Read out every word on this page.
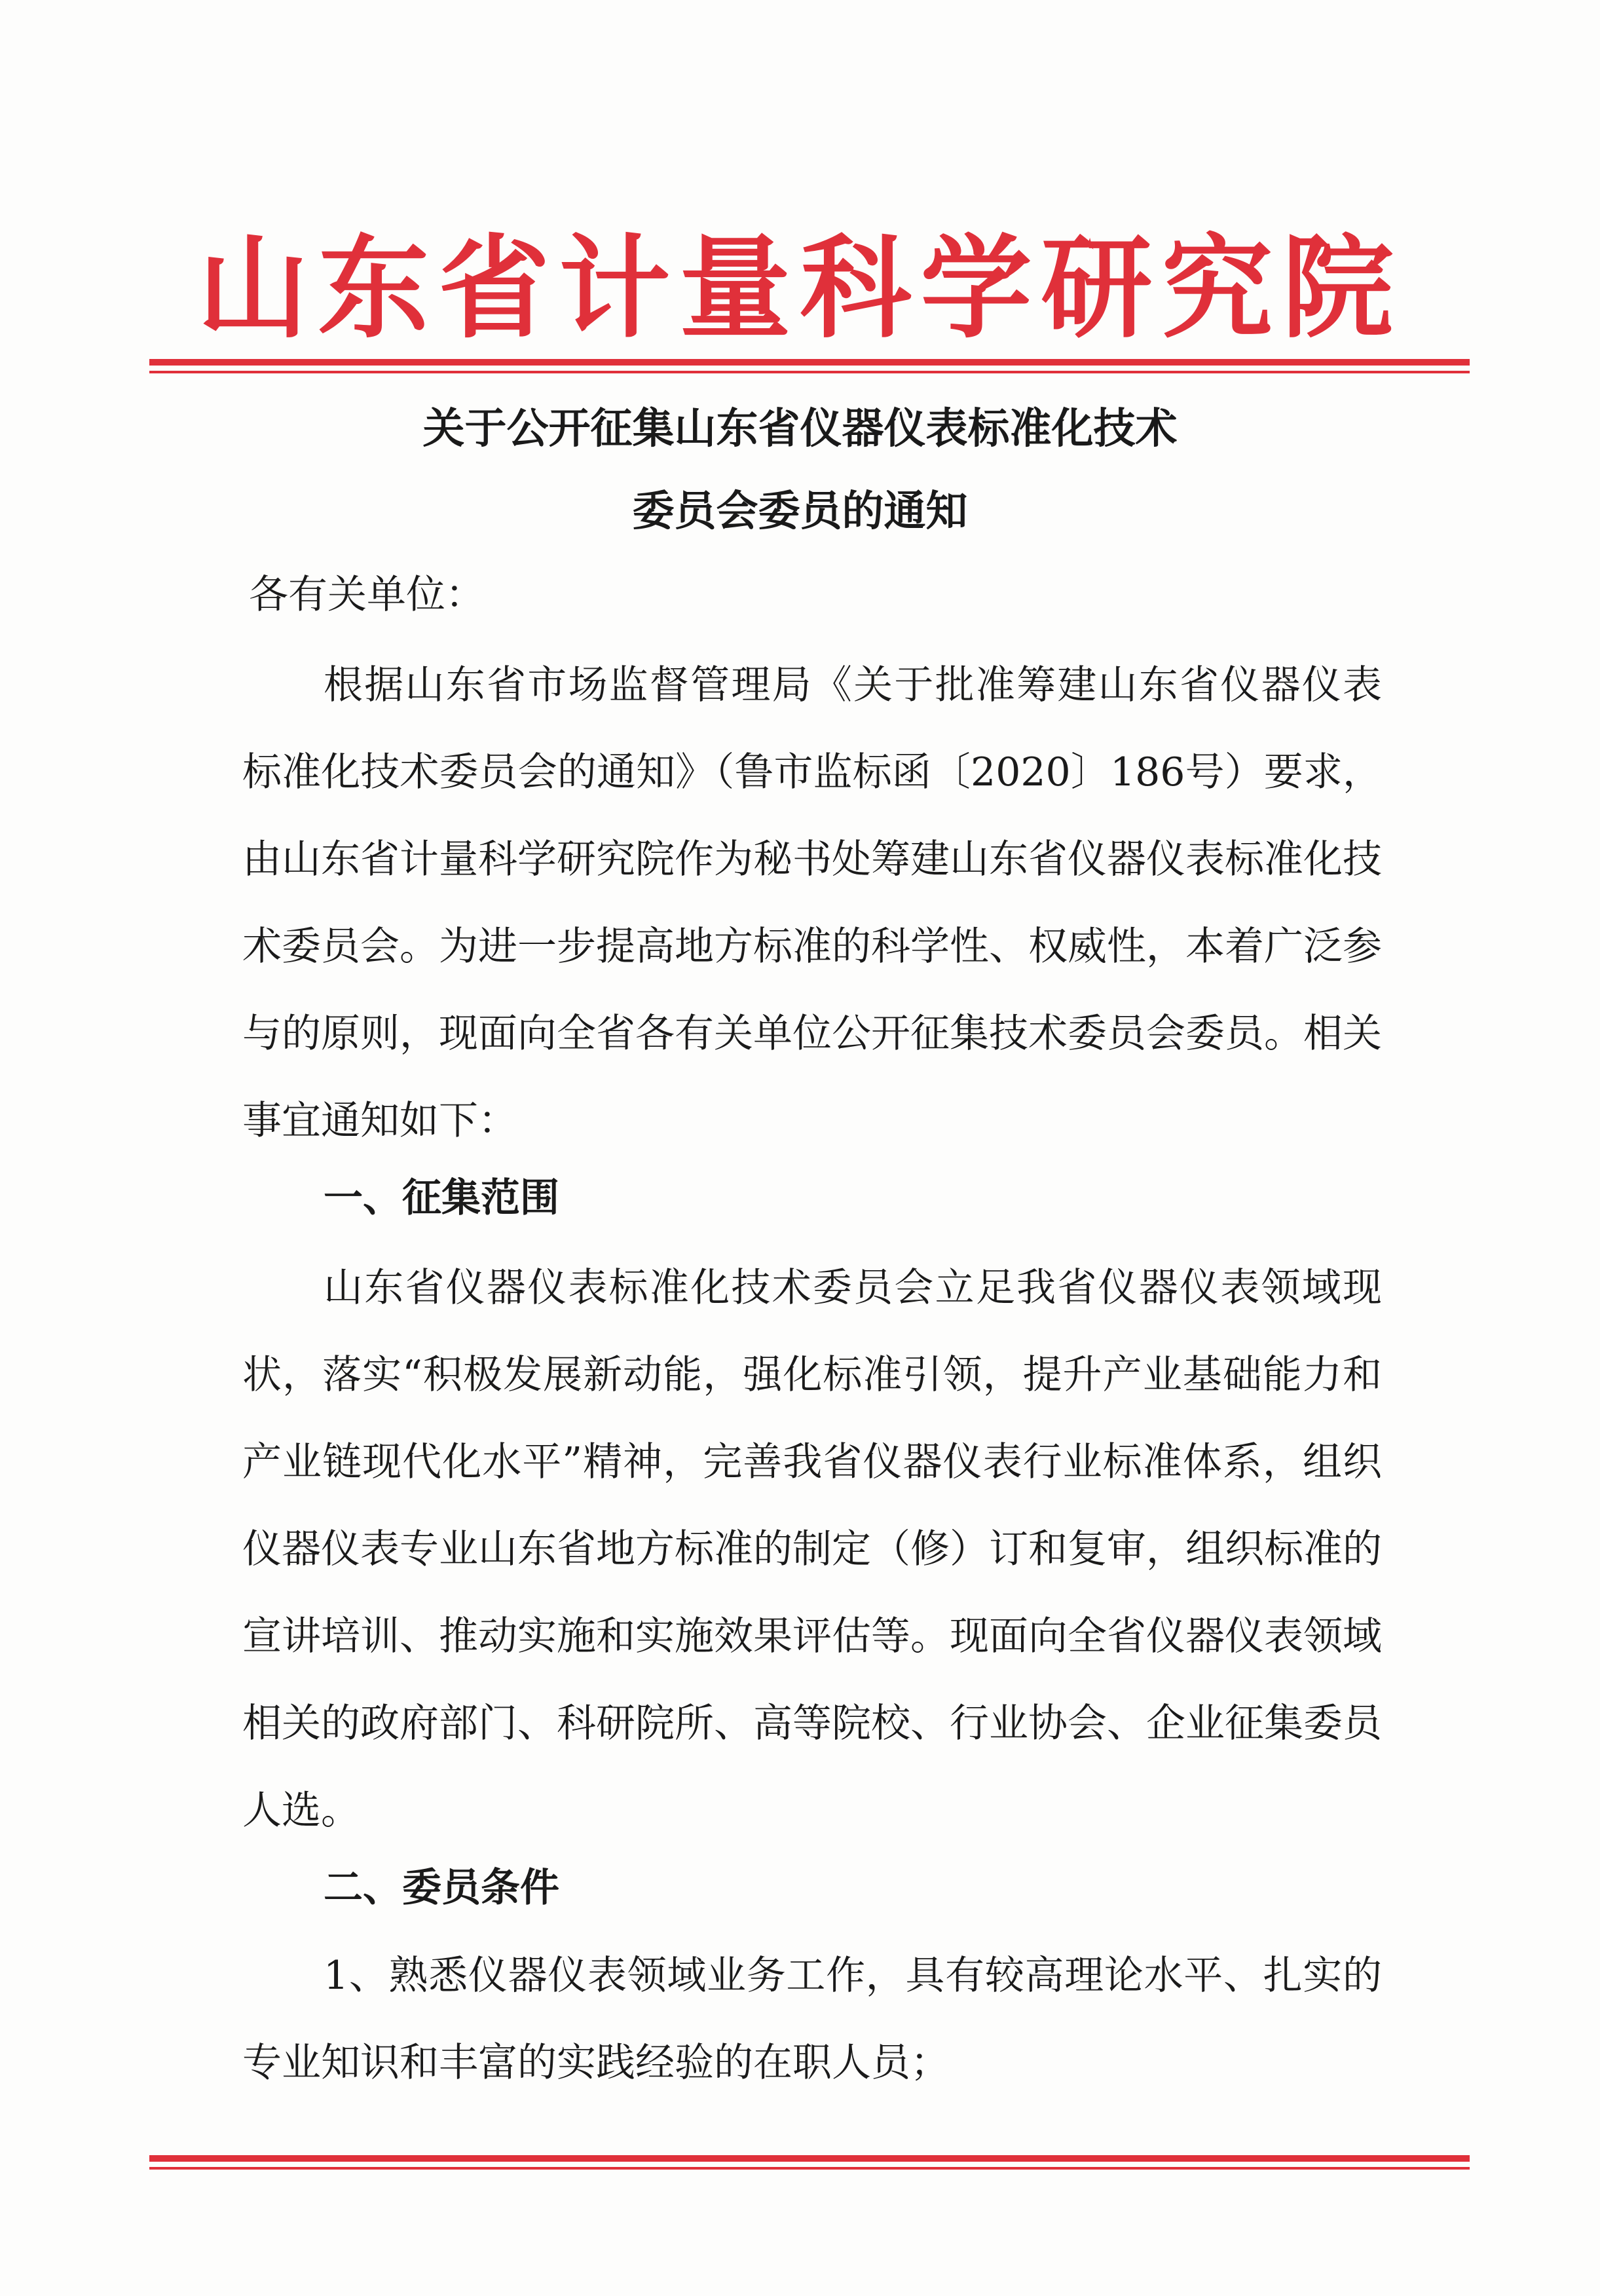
山东省计量科学研究院
关于公开征集山东省仪器仪表标准化技术
委员会委员的通知
各有关单位：

根据山东省市场监督管理局《关于批准筹建山东省仪器仪表标准化技术委员会的通知》（鲁市监标函〔2020〕186号）要求，由山东省计量科学研究院作为秘书处筹建山东省仪器仪表标准化技术委员会。为进一步提高地方标准的科学性、权威性，本着广泛参与的原则，现面向全省各有关单位公开征集技术委员会委员。相关事宜通知如下：

一、征集范围

山东省仪器仪表标准化技术委员会立足我省仪器仪表领域现状，落实“积极发展新动能，强化标准引领，提升产业基础能力和产业链现代化水平”精神，完善我省仪器仪表行业标准体系，组织仪器仪表专业山东省地方标准的制定（修）订和复审，组织标准的宣讲培训、推动实施和实施效果评估等。现面向全省仪器仪表领域相关的政府部门、科研院所、高等院校、行业协会、企业征集委员人选。

二、委员条件

1、熟悉仪器仪表领域业务工作，具有较高理论水平、扎实的专业知识和丰富的实践经验的在职人员；
